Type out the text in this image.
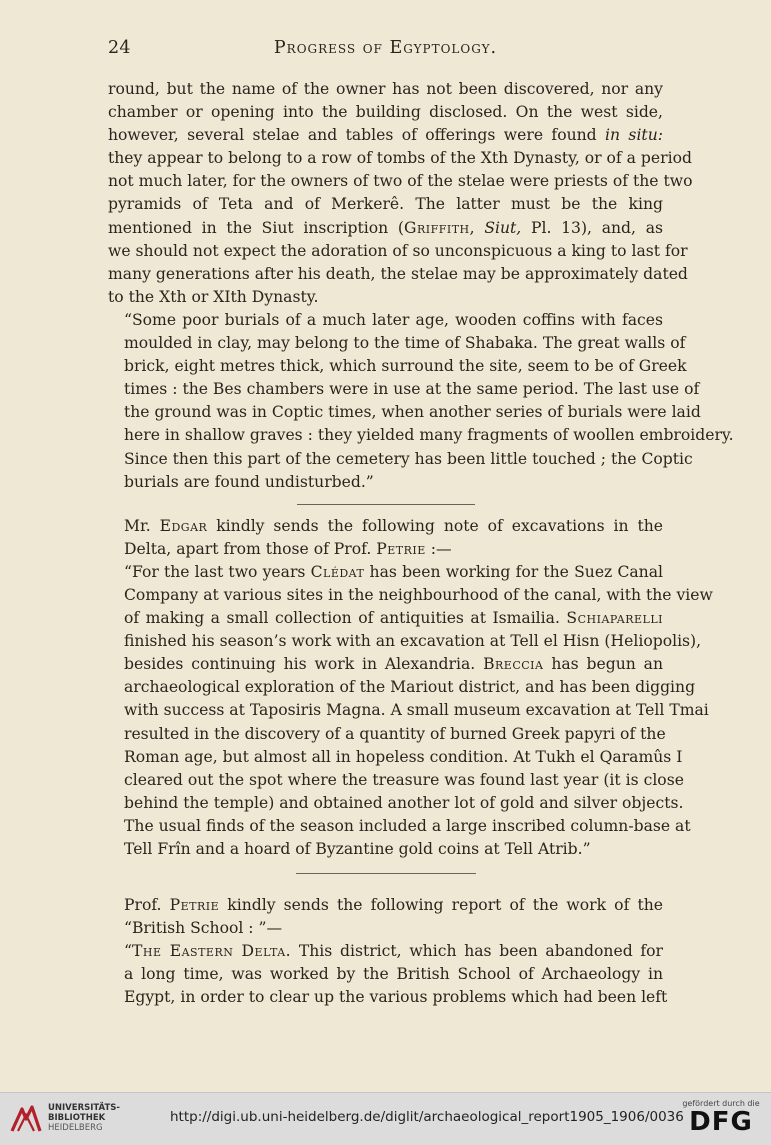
24	Progress of Egyptology.

round, but the name of the owner has not been discovered, nor any
chamber or opening into the building disclosed. On the west side,
however, several stelae and tables of offerings were found in situ:
they appear to belong to a row of tombs of the Xth Dynasty, or of a period
not much later, for the owners of two of the stelae were priests of the two
pyramids of Teta and of Merkerê. The latter must be the king
mentioned in the Siut inscription (Griffith, Siut, Pl. 13), and, as
we should not expect the adoration of so unconspicuous a king to last for
many generations after his death, the stelae may be approximately dated
to the Xth or XIth Dynasty.

“Some poor burials of a much later age, wooden coffins with faces
moulded in clay, may belong to the time of Shabaka. The great walls of
brick, eight metres thick, which surround the site, seem to be of Greek
times : the Bes chambers were in use at the same period. The last use of
the ground was in Coptic times, when another series of burials were laid
here in shallow graves : they yielded many fragments of woollen embroidery.
Since then this part of the cemetery has been little touched ; the Coptic
burials are found undisturbed.”

Mr. Edgar kindly sends the following note of excavations in the
Delta, apart from those of Prof. Petrie :—

“For the last two years Clédat has been working for the Suez Canal
Company at various sites in the neighbourhood of the canal, with the view
of making a small collection of antiquities at Ismailia. Schiaparelli
finished his season’s work with an excavation at Tell el Hisn (Heliopolis),
besides continuing his work in Alexandria. Breccia has begun an
archaeological exploration of the Mariout district, and has been digging
with success at Taposiris Magna. A small museum excavation at Tell Tmai
resulted in the discovery of a quantity of burned Greek papyri of the
Roman age, but almost all in hopeless condition. At Tukh el Qaramûs I
cleared out the spot where the treasure was found last year (it is close
behind the temple) and obtained another lot of gold and silver objects.
The usual finds of the season included a large inscribed column-base at
Tell Frîn and a hoard of Byzantine gold coins at Tell Atrib.”

Prof. Petrie kindly sends the following report of the work of the
“British School : ”—

“The Eastern Delta. This district, which has been abandoned for
a long time, was worked by the British School of Archaeology in
Egypt, in order to clear up the various problems which had been left

UNIVERSITÄTS-
BIBLIOTHEK
HEIDELBERG
http://digi.ub.uni-heidelberg.de/diglit/archaeological_report1905_1906/0036
gefördert durch die
DFG
